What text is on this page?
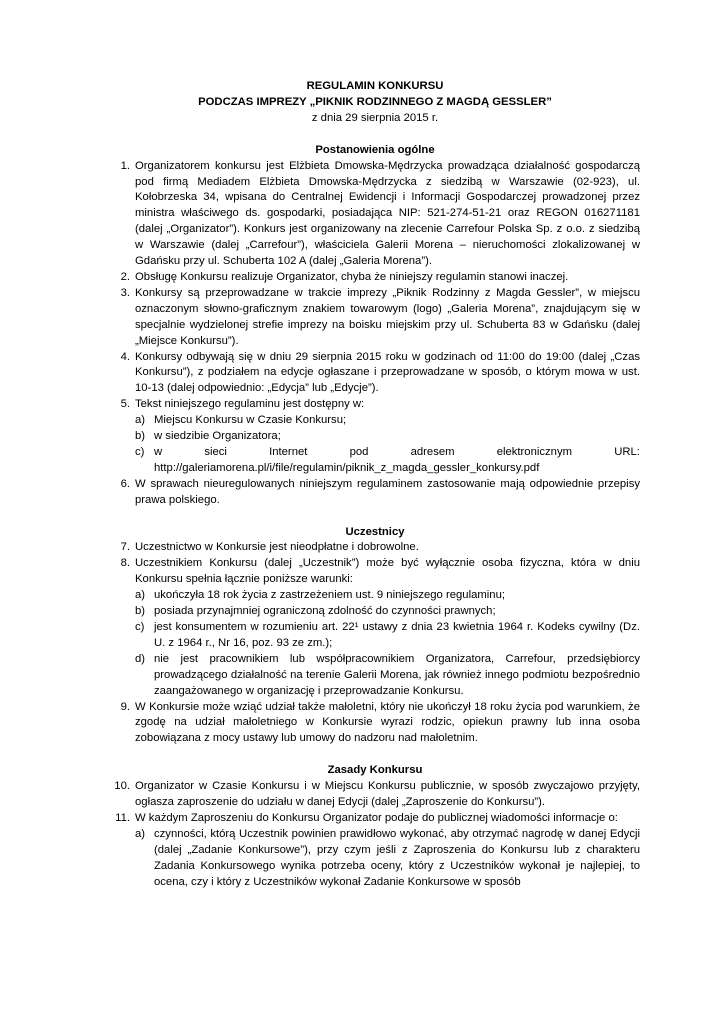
REGULAMIN KONKURSU
PODCZAS IMPREZY „PIKNIK RODZINNEGO Z MAGDĄ GESSLER”
z dnia 29 sierpnia 2015 r.
Postanowienia ogólne
1. Organizatorem konkursu jest Elżbieta Dmowska-Mędrzycka prowadząca działalność gospodarczą pod firmą Mediadem Elżbieta Dmowska-Mędrzycka z siedzibą w Warszawie (02-923), ul. Kołobrzeska 34, wpisana do Centralnej Ewidencji i Informacji Gospodarczej prowadzonej przez ministra właściwego ds. gospodarki, posiadająca NIP: 521-274-51-21 oraz REGON 016271181 (dalej „Organizator”). Konkurs jest organizowany na zlecenie Carrefour Polska Sp. z o.o. z siedzibą w Warszawie (dalej „Carrefour”), właściciela Galerii Morena – nieruchomości zlokalizowanej w Gdańsku przy ul. Schuberta 102 A (dalej „Galeria Morena”).
2. Obsługę Konkursu realizuje Organizator, chyba że niniejszy regulamin stanowi inaczej.
3. Konkursy są przeprowadzane w trakcie imprezy „Piknik Rodzinny z Magda Gessler”, w miejscu oznaczonym słowno-graficznym znakiem towarowym (logo) „Galeria Morena”, znajdującym się w specjalnie wydzielonej strefie imprezy na boisku miejskim przy ul. Schuberta 83 w Gdańsku (dalej „Miejsce Konkursu”).
4. Konkursy odbywają się w dniu 29 sierpnia 2015 roku w godzinach od 11:00 do 19:00 (dalej „Czas Konkursu”), z podziałem na edycje ogłaszane i przeprowadzane w sposób, o którym mowa w ust. 10-13 (dalej odpowiednio: „Edycja” lub „Edycje”).
5. Tekst niniejszego regulaminu jest dostępny w:
a) Miejscu Konkursu w Czasie Konkursu;
b) w siedzibie Organizatora;
c) w	sieci	Internet	pod	adresem	elektronicznym	URL:
http://galeriamorena.pl/i/file/regulamin/piknik_z_magda_gessler_konkursy.pdf
6. W sprawach nieuregulowanych niniejszym regulaminem zastosowanie mają odpowiednie przepisy prawa polskiego.
Uczestnicy
7. Uczestnictwo w Konkursie jest nieodpłatne i dobrowolne.
8. Uczestnikiem Konkursu (dalej „Uczestnik”) może być wyłącznie osoba fizyczna, która w dniu Konkursu spełnia łącznie poniższe warunki:
a) ukończyła 18 rok życia z zastrzeżeniem ust. 9 niniejszego regulaminu;
b) posiada przynajmniej ograniczoną zdolność do czynności prawnych;
c) jest konsumentem w rozumieniu art. 22¹ ustawy z dnia 23 kwietnia 1964 r. Kodeks cywilny (Dz. U. z 1964 r., Nr 16, poz. 93 ze zm.);
d) nie jest pracownikiem lub współpracownikiem Organizatora, Carrefour, przedsiębiorcy prowadzącego działalność na terenie Galerii Morena, jak również innego podmiotu bezpośrednio zaangażowanego w organizację i przeprowadzanie Konkursu.
9. W Konkursie może wziąć udział także małoletni, który nie ukończył 18 roku życia pod warunkiem, że zgodę na udział małoletniego w Konkursie wyrazi rodzic, opiekun prawny lub inna osoba zobowiązana z mocy ustawy lub umowy do nadzoru nad małoletnim.
Zasady Konkursu
10. Organizator w Czasie Konkursu i w Miejscu Konkursu publicznie, w sposób zwyczajowo przyjęty, ogłasza zaproszenie do udziału w danej Edycji (dalej „Zaproszenie do Konkursu”).
11. W każdym Zaproszeniu do Konkursu Organizator podaje do publicznej wiadomości informacje o:
a) czynności, którą Uczestnik powinien prawidłowo wykonać, aby otrzymać nagrodę w danej Edycji (dalej „Zadanie Konkursowe”), przy czym jeśli z Zaproszenia do Konkursu lub z charakteru Zadania Konkursowego wynika potrzeba oceny, który z Uczestników wykonał je najlepiej, to ocena, czy i który z Uczestników wykonał Zadanie Konkursowe w sposób
